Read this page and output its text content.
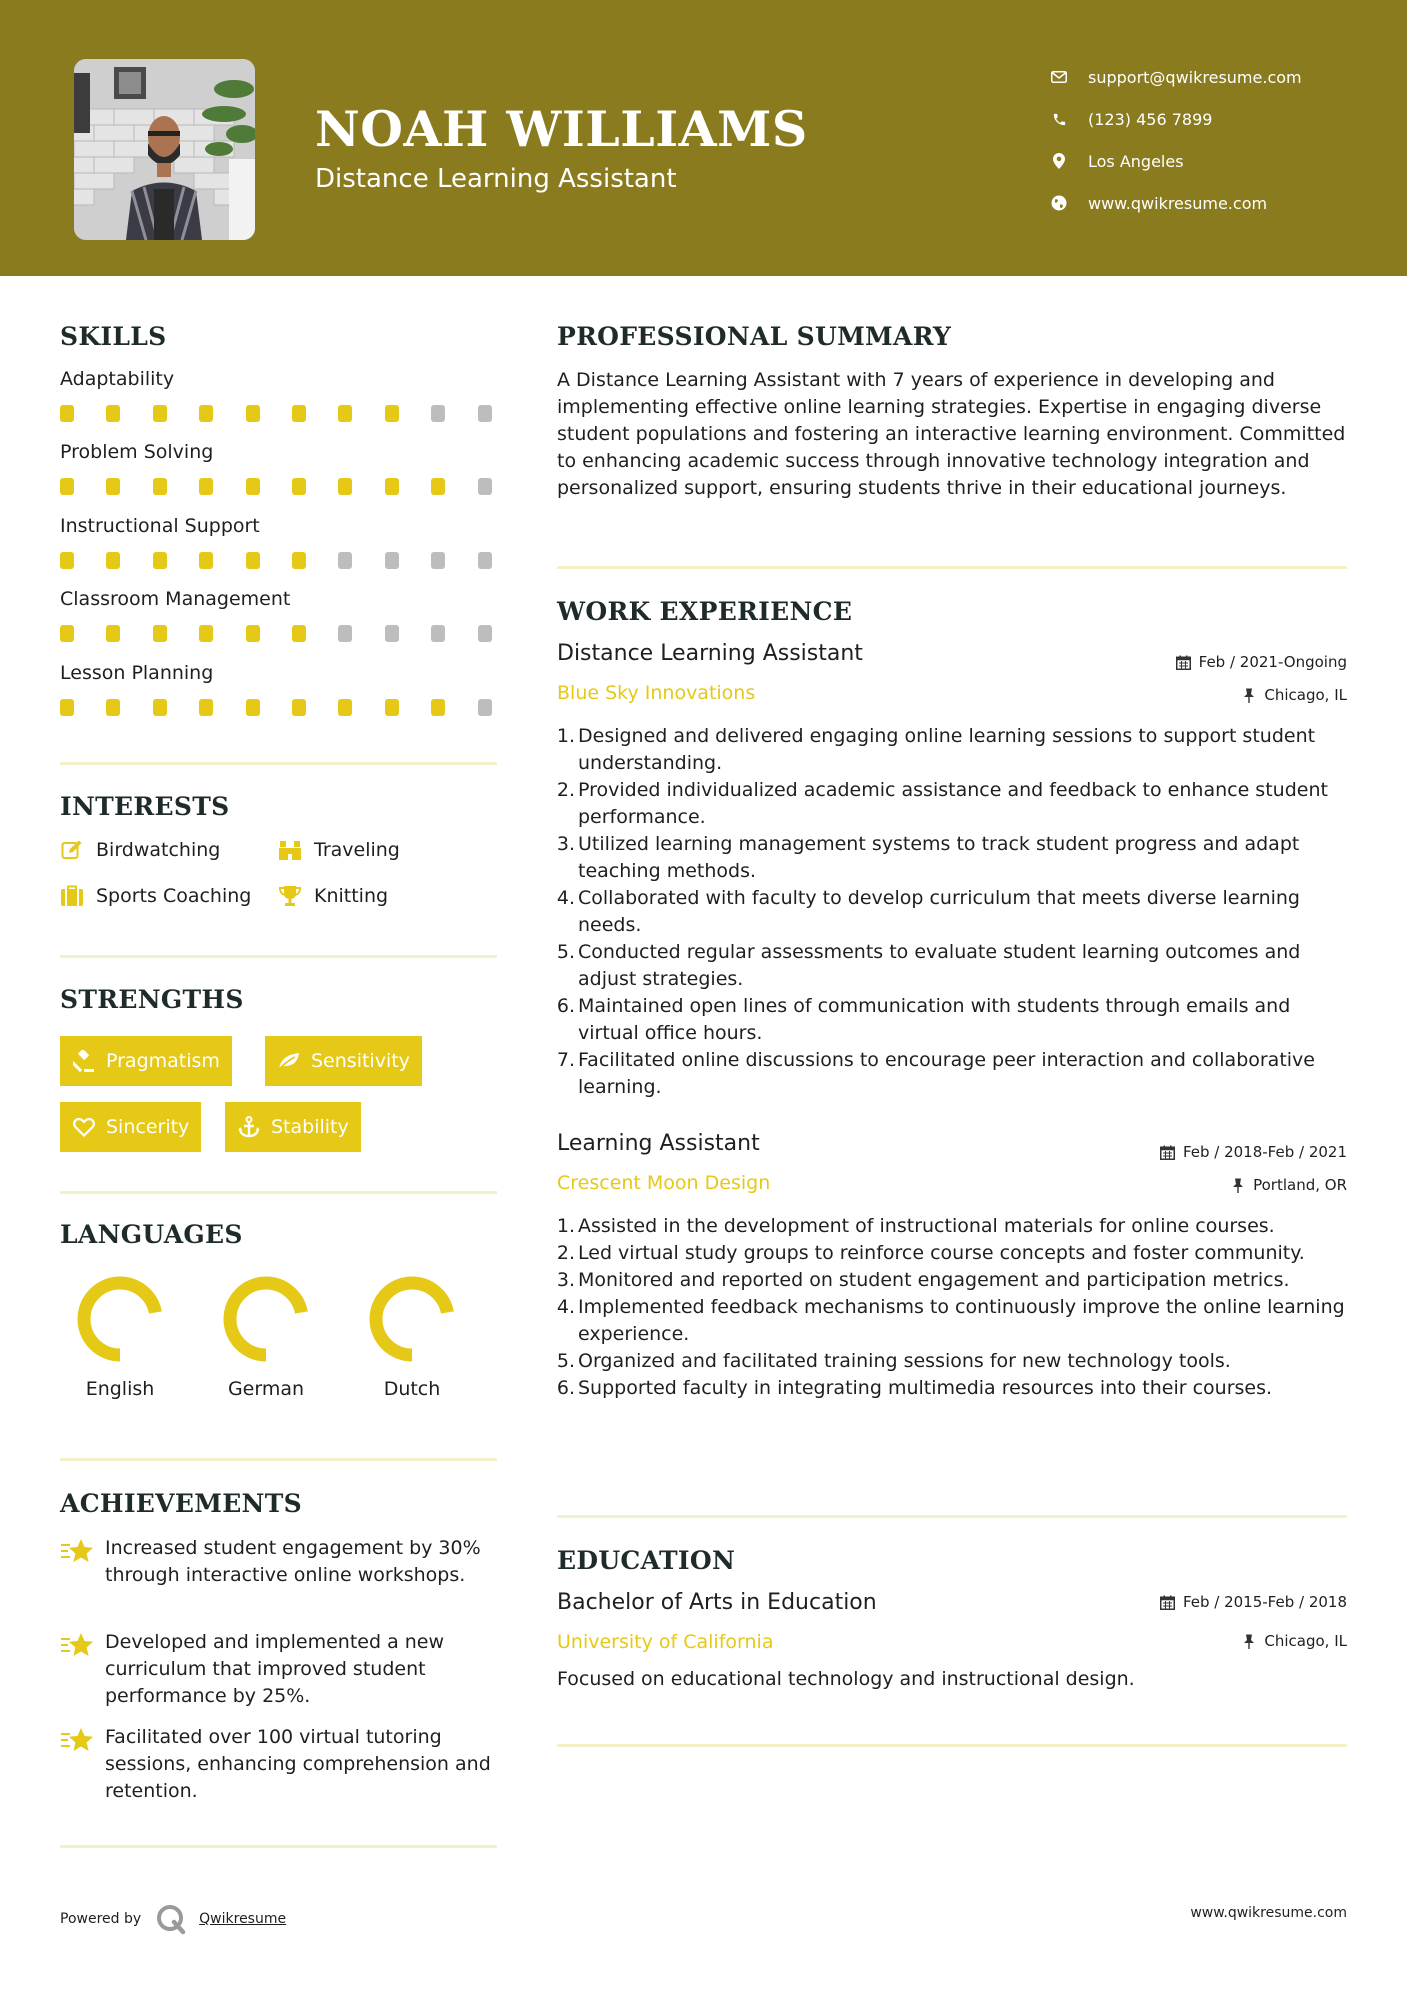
NOAH WILLIAMS
Distance Learning Assistant
support@qwikresume.com
(123) 456 7899
Los Angeles
www.qwikresume.com
SKILLS
Adaptability
Problem Solving
Instructional Support
Classroom Management
Lesson Planning
INTERESTS
Birdwatching	Traveling
Sports Coaching	Knitting
STRENGTHS
Pragmatism	Sensitivity
Sincerity	Stability
LANGUAGES
English	German	Dutch
ACHIEVEMENTS
Increased student engagement by 30% through interactive online workshops.
Developed and implemented a new curriculum that improved student performance by 25%.
Facilitated over 100 virtual tutoring sessions, enhancing comprehension and retention.
PROFESSIONAL SUMMARY
A Distance Learning Assistant with 7 years of experience in developing and implementing effective online learning strategies. Expertise in engaging diverse student populations and fostering an interactive learning environment. Committed to enhancing academic success through innovative technology integration and personalized support, ensuring students thrive in their educational journeys.
WORK EXPERIENCE
Distance Learning Assistant	Feb / 2021-Ongoing
Blue Sky Innovations	Chicago, IL
1. Designed and delivered engaging online learning sessions to support student understanding.
2. Provided individualized academic assistance and feedback to enhance student performance.
3. Utilized learning management systems to track student progress and adapt teaching methods.
4. Collaborated with faculty to develop curriculum that meets diverse learning needs.
5. Conducted regular assessments to evaluate student learning outcomes and adjust strategies.
6. Maintained open lines of communication with students through emails and virtual office hours.
7. Facilitated online discussions to encourage peer interaction and collaborative learning.
Learning Assistant	Feb / 2018-Feb / 2021
Crescent Moon Design	Portland, OR
1. Assisted in the development of instructional materials for online courses.
2. Led virtual study groups to reinforce course concepts and foster community.
3. Monitored and reported on student engagement and participation metrics.
4. Implemented feedback mechanisms to continuously improve the online learning experience.
5. Organized and facilitated training sessions for new technology tools.
6. Supported faculty in integrating multimedia resources into their courses.
EDUCATION
Bachelor of Arts in Education	Feb / 2015-Feb / 2018
University of California	Chicago, IL
Focused on educational technology and instructional design.
Powered by	Qwikresume	www.qwikresume.com
